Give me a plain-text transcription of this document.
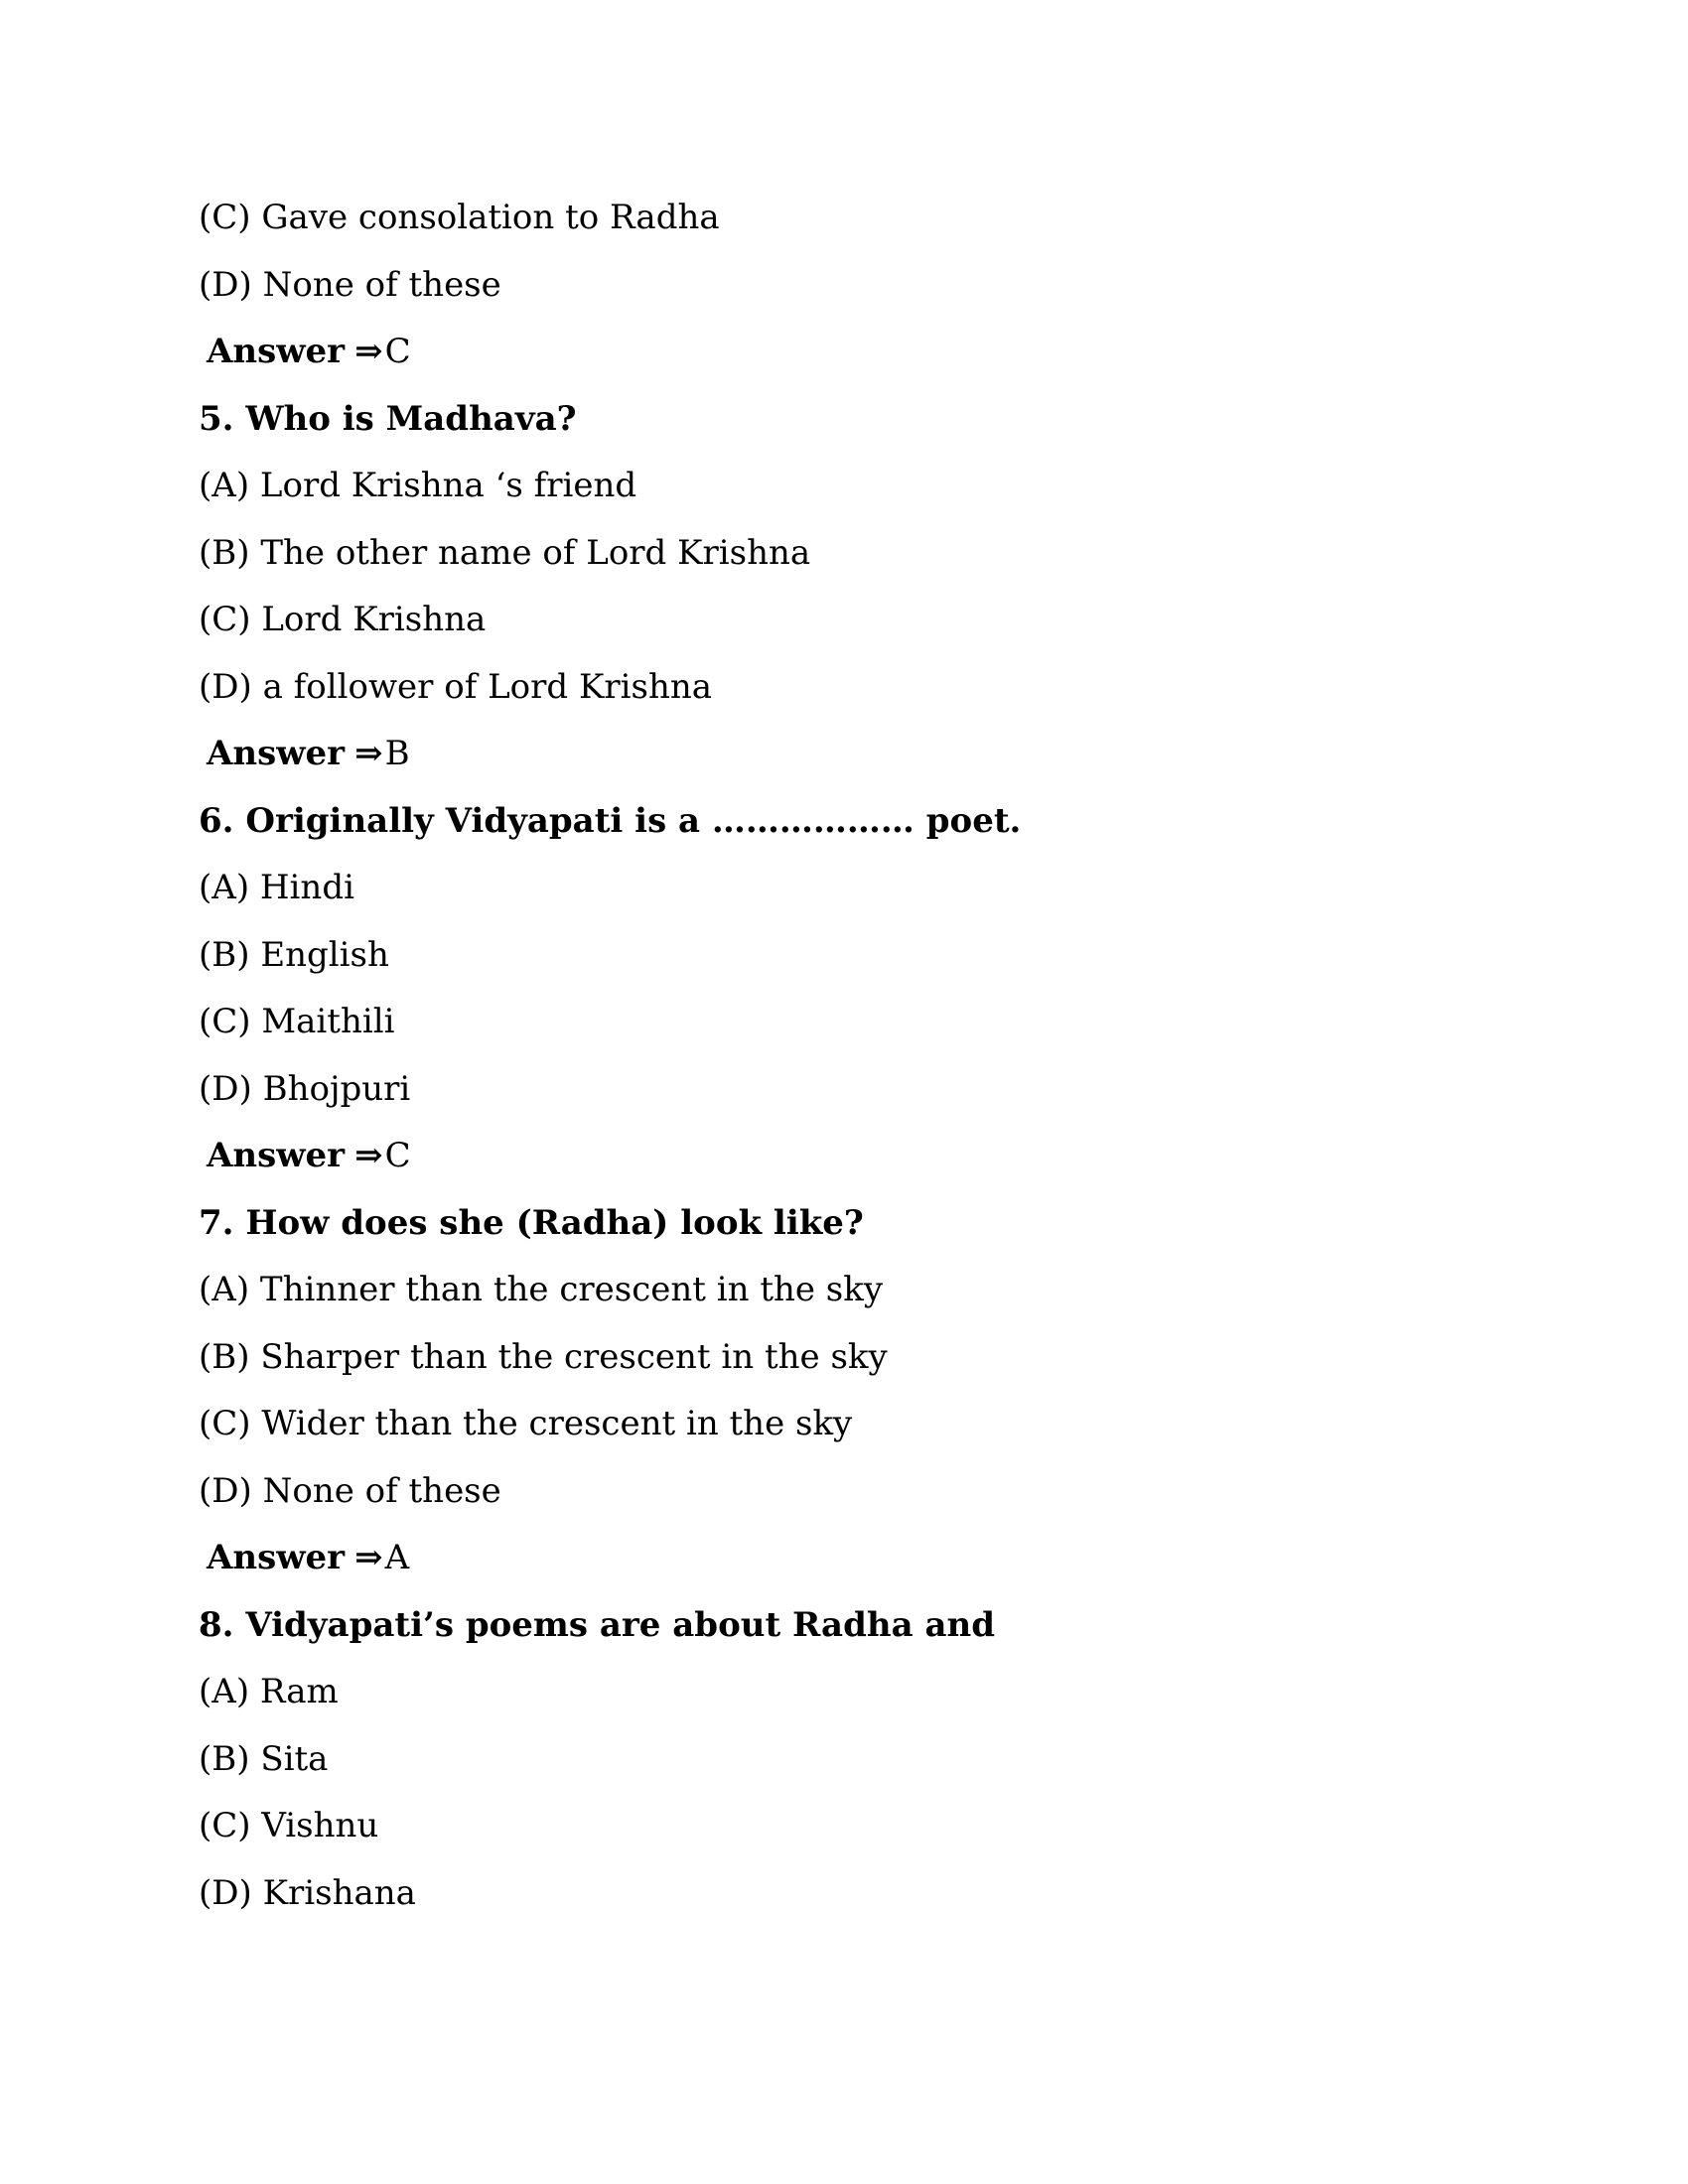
(C) Gave consolation to Radha
(D) None of these
Answer ⇒C
5. Who is Madhava?
(A) Lord Krishna ‘s friend
(B) The other name of Lord Krishna
(C) Lord Krishna
(D) a follower of Lord Krishna
Answer ⇒B
6. Originally Vidyapati is a ……………… poet.
(A) Hindi
(B) English
(C) Maithili
(D) Bhojpuri
Answer ⇒C
7. How does she (Radha) look like?
(A) Thinner than the crescent in the sky
(B) Sharper than the crescent in the sky
(C) Wider than the crescent in the sky
(D) None of these
Answer ⇒A
8. Vidyapati’s poems are about Radha and
(A) Ram
(B) Sita
(C) Vishnu
(D) Krishana
